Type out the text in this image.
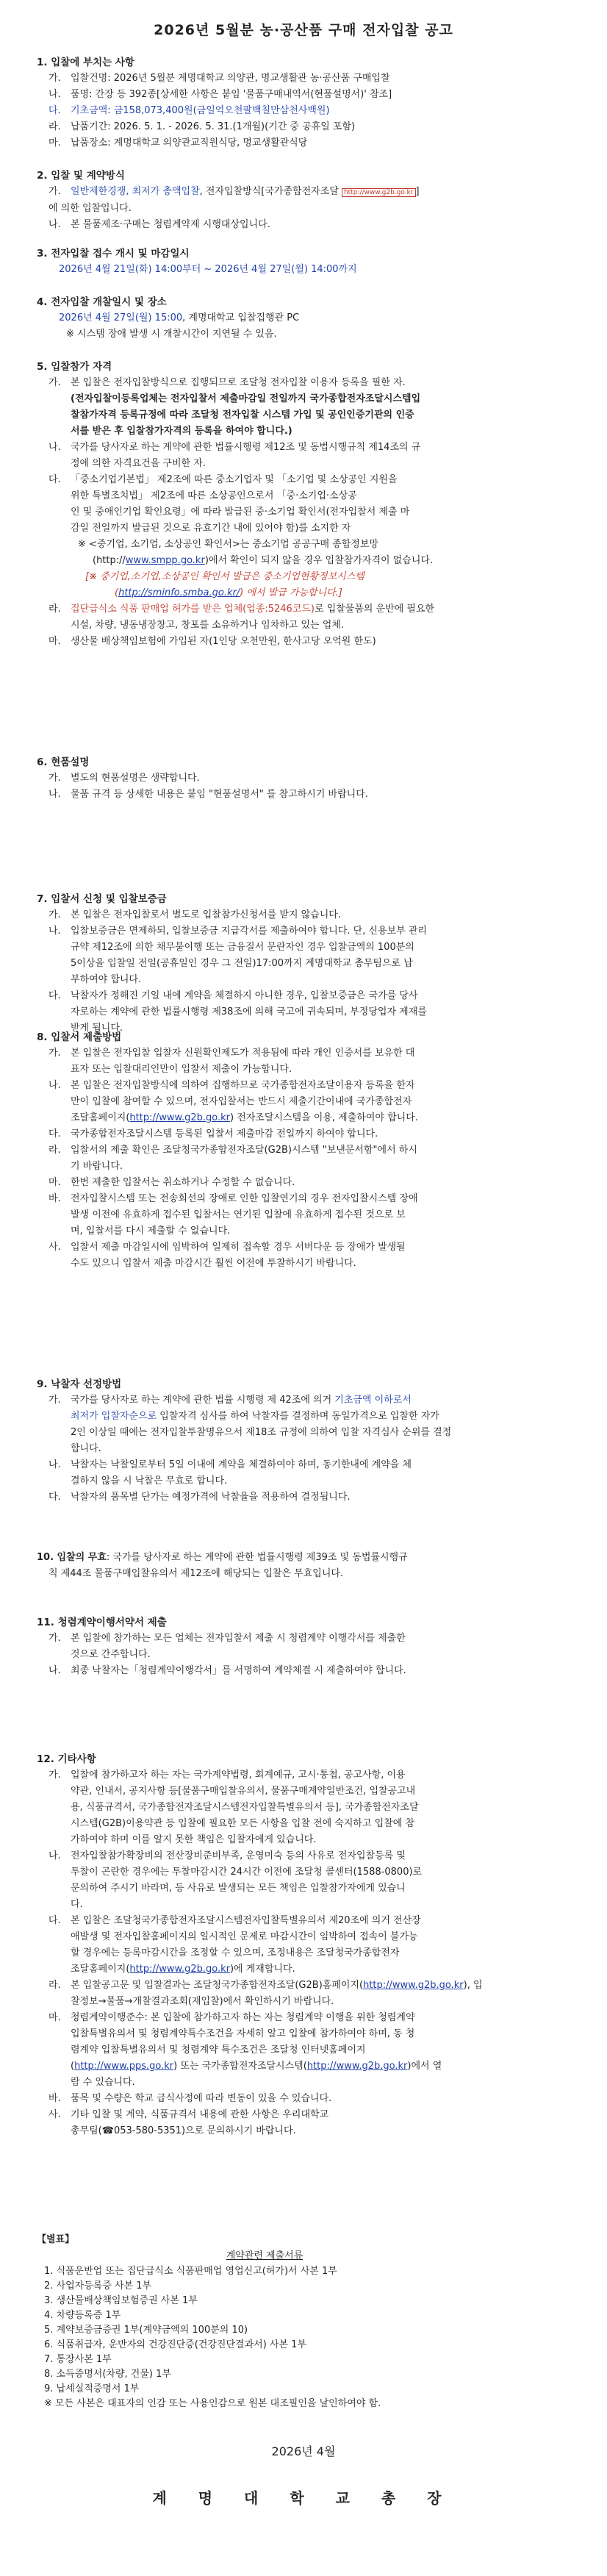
2026년 5월분 농·공산품 구매 전자입찰 공고
1. 입찰에 부치는 사항
가.	입찰건명: 2026년 5월분 계명대학교 의양관, 명교생활관 농·공산품 구매입찰
나.	품명: 간장 등 392종[상세한 사항은 붙임 '물품구매내역서(현품설명서)' 참조]
다.	기초금액: 금158,073,400원(금일억오천팔백칠만삼천사백원)
라.	납품기간: 2026. 5. 1. - 2026. 5. 31.(1개월)(기간 중 공휴일 포함)
마.	납품장소: 계명대학교 의양관교직원식당, 명교생활관식당
2. 입찰 및 계약방식
가.	일반제한경쟁, 최저가 총액입찰, 전자입찰방식[국가종합전자조달 http://www.g2b.go.kr ]
에 의한 입찰입니다.
나.	본 물품제조·구매는 청렴계약제 시행대상입니다.
3. 전자입찰 접수 개시 및 마감일시
2026년 4월 21일(화) 14:00부터 ~ 2026년 4월 27일(월) 14:00까지
4. 전자입찰 개찰일시 및 장소
2026년 4월 27일(월) 15:00, 계명대학교 입찰집행관 PC
※ 시스템 장애 발생 시 개찰시간이 지연될 수 있음.
5. 입찰참가 자격
가.	본 입찰은 전자입찰방식으로 집행되므로 조달청 전자입찰 이용자 등록을 필한 자.
(전자입찰이등록업체는 전자입찰서 제출마감일 전일까지 국가종합전자조달시스템입
찰참가자격 등록규정에 따라 조달청 전자입찰 시스템 가입 및 공인인증기관의 인증
서를 받은 후 입찰참가자격의 등록을 하여야 합니다.)
나.	국가를 당사자로 하는 계약에 관한 법률시행령 제12조 및 동법시행규칙 제14조의 규
정에 의한 자격요건을 구비한 자.
다.	「중소기업기본법」 제2조에 따른 중소기업자 및 「소기업 및 소상공인 지원을
위한 특별조치법」 제2조에 따른 소상공인으로서 「중·소기업·소상공
인 및 중애인기업 확인요령」에 따라 발급된 중·소기업 확인서(전자입찰서 제출 마
감일 전일까지 발급된 것으로 유효기간 내에 있어야 함)를 소지한 자
※ <중기업, 소기업, 소상공인 확인서>는 중소기업 공공구매 종합정보망
(http://www.smpp.go.kr)에서 확인이 되지 않을 경우 입찰참가자격이 없습니다.
[※ 중기업,소기업,소상공인 확인서 발급은 중소기업현황정보시스템
(http://sminfo.smba.go.kr/) 에서 발급 가능합니다.]
라.	집단급식소 식품 판매업 허가를 받은 업체(업종:5246코드)로 입찰물품의 운반에 필요한
시설, 차량, 냉동냉장창고, 창포를 소유하거나 임차하고 있는 업체.
마.	생산물 배상책임보험에 가입된 자(1인당 오천만원, 한사고당 오억원 한도)
6. 현품설명
가.	별도의 현품설명은 생략합니다.
나.	물품 규격 등 상세한 내용은 붙임 "현품설명서" 를 참고하시기 바랍니다.
7. 입찰서 신청 및 입찰보증금
가.	본 입찰은 전자입찰로서 별도로 입찰참가신청서를 받지 않습니다.
나.	입찰보증금은 면제하되, 입찰보증금 지급각서를 제출하여야 합니다. 단, 신용보부 관리
규약 제12조에 의한 채무불이행 또는 금융질서 문란자인 경우 입찰금액의 100분의
5이상을 입찰일 전일(공휴일인 경우 그 전일)17:00까지 계명대학교 총무팀으로 납
부하여야 합니다.
다.	낙찰자가 정해진 기일 내에 계약을 체결하지 아니한 경우, 입찰보증금은 국가를 당사
자로하는 계약에 관한 법률시행령 제38조에 의해 국고에 귀속되며, 부정당업자 제재를
받게 됩니다.
8. 입찰서 제출방법
가.	본 입찰은 전자입찰 입찰자 신원확인제도가 적용됨에 따라 개인 인증서를 보유한 대
표자 또는 입찰대리인만이 입찰서 제출이 가능합니다.
나.	본 입찰은 전자입찰방식에 의하여 집행하므로 국가종합전자조달이용자 등록을 한자
만이 입찰에 참여할 수 있으며, 전자입찰서는 반드시 제출기간이내에 국가종합전자
조달홈페이지(http://www.g2b.go.kr) 전자조달시스템을 이용, 제출하여야 합니다.
다.	국가종합전자조달시스템 등록된 입찰서 제출마감 전일까지 하여야 합니다.
라.	입찰서의 제출 확인은 조달청국가종합전자조달(G2B)시스템 "보낸문서함"에서 하시
기 바랍니다.
마.	한번 제출한 입찰서는 취소하거나 수정할 수 없습니다.
바.	전자입찰시스템 또는 전송회선의 장애로 인한 입찰연기의 경우 전자입찰시스템 장애
발생 이전에 유효하게 접수된 입찰서는 연기된 입찰에 유효하게 접수된 것으로 보
며, 입찰서를 다시 제출할 수 없습니다.
사.	입찰서 제출 마감일시에 임박하여 일제히 접속할 경우 서버다운 등 장애가 발생될
수도 있으니 입찰서 제출 마감시간 훨씬 이전에 투찰하시기 바랍니다.
9. 낙찰자 선정방법
가.	국가를 당사자로 하는 계약에 관한 법률 시행령 제 42조에 의거 기초금액 이하로서
최저가 입찰자순으로 입찰자격 심사를 하여 낙찰자를 결정하며 동일가격으로 입찰한 자가
2인 이상일 때에는 전자입찰투찰명유으서 제18조 규정에 의하여 입찰 자격심사 순위를 결정
합니다.
나.	낙찰자는 낙찰일로부터 5일 이내에 계약을 체결하여야 하며, 동기한내에 계약을 체
결하지 않을 시 낙찰은 무효로 합니다.
다.	낙찰자의 품목별 단가는 예정가격에 낙찰율을 적용하여 결정됩니다.
10. 입찰의 무효: 국가를 당사자로 하는 계약에 관한 법률시행령 제39조 및 동법률시행규
칙 제44조 물품구매입찰유의서 제12조에 해당되는 입찰은 무효입니다.
11. 청렴계약이행서약서 제출
가.	본 입찰에 참가하는 모든 업체는 전자입찰서 제출 시 청렴계약 이행각서를 제출한
것으로 간주합니다.
나.	최종 낙찰자는「청렴계약이행각서」를 서명하여 계약체결 시 제출하여야 합니다.
12. 기타사항
가.	입찰에 참가하고자 하는 자는 국가계약법령, 회계예규, 고시·통첩, 공고사항, 이용
약관, 인내서, 공지사항 등[물품구매입찰유의서, 물품구매계약일반조건, 입찰공고내
용, 식품규격서, 국가종합전자조달시스템전자입찰특별유의서 등], 국가종합전자조달
시스템(G2B)이용약관 등 입찰에 필요한 모든 사항을 입찰 전에 숙지하고 입찰에 참
가하여야 하며 이를 알지 못한 책임은 입찰자에게 있습니다.
나.	전자입찰참가확장비의 전산장비준비부족, 운영미숙 등의 사유로 전자입찰등록 및
투찰이 곤란한 경우에는 투찰마감시간 24시간 이전에 조달청 콜센터(1588-0800)로
문의하여 주시기 바라며, 등 사유로 발생되는 모든 책임은 입찰참가자에게 있습니
다.
다.	본 입찰은 조달청국가종합전자조달시스템전자입찰특별유의서 제20조에 의거 전산장
애발생 및 전자입찰홈페이지의 일시적인 문제로 마감시간이 임박하여 접속이 불가능
할 경우에는 등록마감시간을 조정할 수 있으며, 조정내용은 조달청국가종합전자
조달홈페이지(http://www.g2b.go.kr)에 게재합니다.
라.	본 입찰공고문 및 입찰결과는 조달청국가종합전자조달(G2B)홈페이지(http://www.g2b.go.kr), 입
찰정보→물품→개찰결과조회(재입찰)에서 확인하시기 바랍니다.
마.	청렴계약이행준수: 본 입찰에 참가하고자 하는 자는 청렴계약 이행을 위한 청렴계약
입찰특별유의서 및 청렴계약특수조건을 자세히 알고 입찰에 참가하여야 하며, 동 청
렴계약 입찰특별유의서 및 청렴계약 특수조건은 조달청 인터넷홈페이지
(http://www.pps.go.kr) 또는 국가종합전자조달시스템(http://www.g2b.go.kr)에서 열
람 수 있습니다.
바.	품목 및 수량은 학교 급식사정에 따라 변동이 있을 수 있습니다.
사.	기타 입찰 및 계약, 식품규격서 내용에 관한 사항은 우리대학교
총무팀(☎053-580-5351)으로 문의하시기 바랍니다.
【별표】
계약관련 제출서류
1. 식품운반업 또는 집단급식소 식품판매업 영업신고(허가)서 사본 1부
2. 사업자등록증 사본 1부
3. 생산물배상책임보험증권 사본 1부
4. 차량등록증 1부
5. 계약보증금증권 1부(계약금액의 100분의 10)
6. 식품취급자, 운반자의 건강진단증(건강진단결과서) 사본 1부
7. 통장사본 1부
8. 소득증명서(차량, 건물) 1부
9. 납세실적증명서 1부
※ 모든 사본은 대표자의 인감 또는 사용인감으로 원본 대조필인을 날인하여야 함.
2026년 4월
계 명 대 학 교 총 장
